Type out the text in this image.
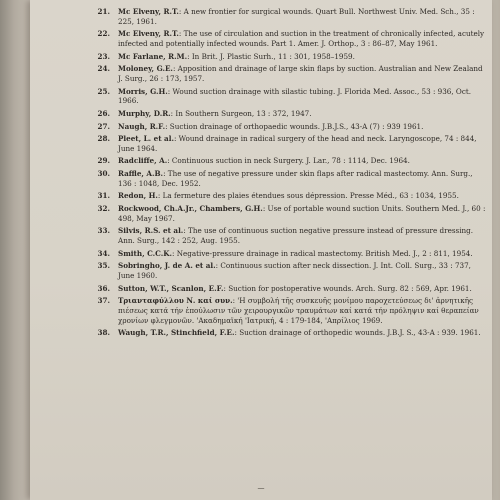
21. Mc Elveny, R.T.: A new frontier for surgical wounds. Quart Bull. Northwest Univ. Med. Sch., 35 : 225, 1961.
22. Mc Elveny, R.T.: The use of circulation and suction in the treatment of chronically infected, acutely infected and potentially infected wounds. Part 1. Amer. J. Orthop., 3 : 86–87, May 1961.
23. Mc Farlane, R.M.: In Brit. J. Plastic Surh., 11 : 301, 1958–1959.
24. Moloney, G.E.: Apposition and drainage of large skin flaps by suction. Australian and New Zealand J. Surg., 26 : 173, 1957.
25. Morris, G.H.: Wound suction drainage with silastic tubing. J. Florida Med. Assoc., 53 : 936, Oct. 1966.
26. Murphy, D.R.: In Southern Surgeon, 13 : 372, 1947.
27. Naugh, R.F.: Suction drainage of orthopaedic wounds. J.B.J.S., 43-A (7) : 939 1961.
28. Pleet, L. et al.: Wound drainage in radical surgery of the head and neck. Laryngoscope, 74 : 844, June 1964.
29. Radcliffe, A.: Continuous suction in neck Surgery. J. Lar., 78 : 1114, Dec. 1964.
30. Raffle, A.B.: The use of negative pressure under skin flaps after radical mastectomy. Ann. Surg., 136 : 1048, Dec. 1952.
31. Redon, H.: La fermeture des plaies étendues sous dépression. Presse Méd., 63 : 1034, 1955.
32. Rockwood, Ch.A.Jr., Chambers, G.H.: Use of portable wound suction Units. Southern Med. J., 60 : 498, May 1967.
33. Silvis, R.S. et al.: The use of continuous suction negative pressure instead of pressure dressing. Ann. Surg., 142 : 252, Aug. 1955.
34. Smith, C.C.K.: Negative-pressure drainage in radical mastectomy. British Med. J., 2 : 811, 1954.
35. Sobringho, J. de A. et al.: Continuous suction after neck dissection. J. Int. Coll. Surg., 33 : 737, June 1960.
36. Sutton, W.T., Scanlon, E.F.: Suction for postoperative wounds. Arch. Surg. 82 : 569, Apr. 1961.
37. Τριανταφύλλου Ν. καί συν.: 'Η συμβολή τῆς συσκευῆς μονίμου παροχετεύσεως δι' ἀρνητικῆς πιέσεως κατά τήν ἐπούλωσιν τῶν χειρουργικῶν τραυμάτων καί κατά τήν πρόληψιν καί θεραπείαν χρονίων φλεγμονῶν. 'Ακαδημαϊκή 'Ιατρική, 4 : 179-184, 'Απρίλιος 1969.
38. Waugh, T.R., Stinchfield, F.E.: Suction drainage of orthopedic wounds. J.B.J. S., 43-A : 939. 1961.
—
